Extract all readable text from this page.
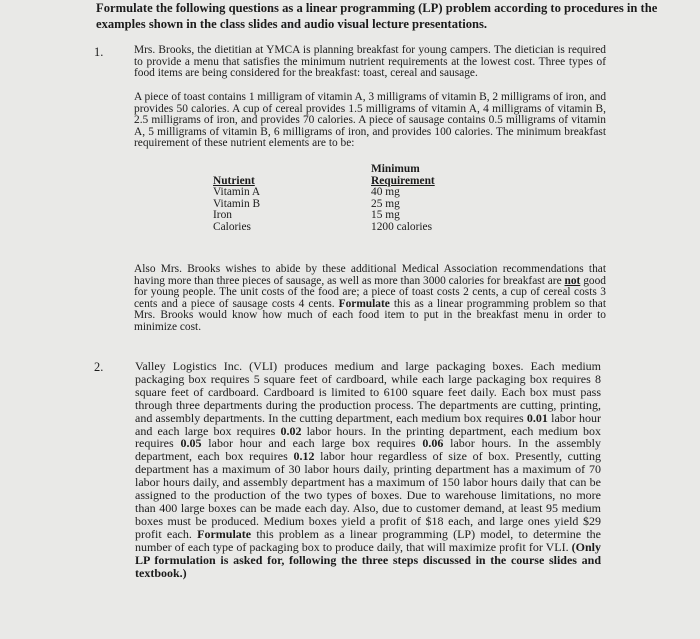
Formulate the following questions as a linear programming (LP) problem according to procedures in the examples shown in the class slides and audio visual lecture presentations.
1.	Mrs. Brooks, the dietitian at YMCA is planning breakfast for young campers. The dietician is required to provide a menu that satisfies the minimum nutrient requirements at the lowest cost. Three types of food items are being considered for the breakfast: toast, cereal and sausage.
A piece of toast contains 1 milligram of vitamin A, 3 milligrams of vitamin B, 2 milligrams of iron, and provides 50 calories. A cup of cereal provides 1.5 milligrams of vitamin A, 4 milligrams of vitamin B, 2.5 milligrams of iron, and provides 70 calories. A piece of sausage contains 0.5 milligrams of vitamin A, 5 milligrams of vitamin B, 6 milligrams of iron, and provides 100 calories. The minimum breakfast requirement of these nutrient elements are to be:
Minimum
Nutrient	Requirement
Vitamin A	40 mg
Vitamin B	25 mg
Iron	15 mg
Calories	1200 calories
Also Mrs. Brooks wishes to abide by these additional Medical Association recommendations that having more than three pieces of sausage, as well as more than 3000 calories for breakfast are not good for young people. The unit costs of the food are; a piece of toast costs 2 cents, a cup of cereal costs 3 cents and a piece of sausage costs 4 cents. Formulate this as a linear programming problem so that Mrs. Brooks would know how much of each food item to put in the breakfast menu in order to minimize cost.
2.	Valley Logistics Inc. (VLI) produces medium and large packaging boxes. Each medium packaging box requires 5 square feet of cardboard, while each large packaging box requires 8 square feet of cardboard. Cardboard is limited to 6100 square feet daily. Each box must pass through three departments during the production process. The departments are cutting, printing, and assembly departments. In the cutting department, each medium box requires 0.01 labor hour and each large box requires 0.02 labor hours. In the printing department, each medium box requires 0.05 labor hour and each large box requires 0.06 labor hours. In the assembly department, each box requires 0.12 labor hour regardless of size of box. Presently, cutting department has a maximum of 30 labor hours daily, printing department has a maximum of 70 labor hours daily, and assembly department has a maximum of 150 labor hours daily that can be assigned to the production of the two types of boxes. Due to warehouse limitations, no more than 400 large boxes can be made each day. Also, due to customer demand, at least 95 medium boxes must be produced. Medium boxes yield a profit of $18 each, and large ones yield $29 profit each. Formulate this problem as a linear programming (LP) model, to determine the number of each type of packaging box to produce daily, that will maximize profit for VLI. (Only LP formulation is asked for, following the three steps discussed in the course slides and textbook.)
